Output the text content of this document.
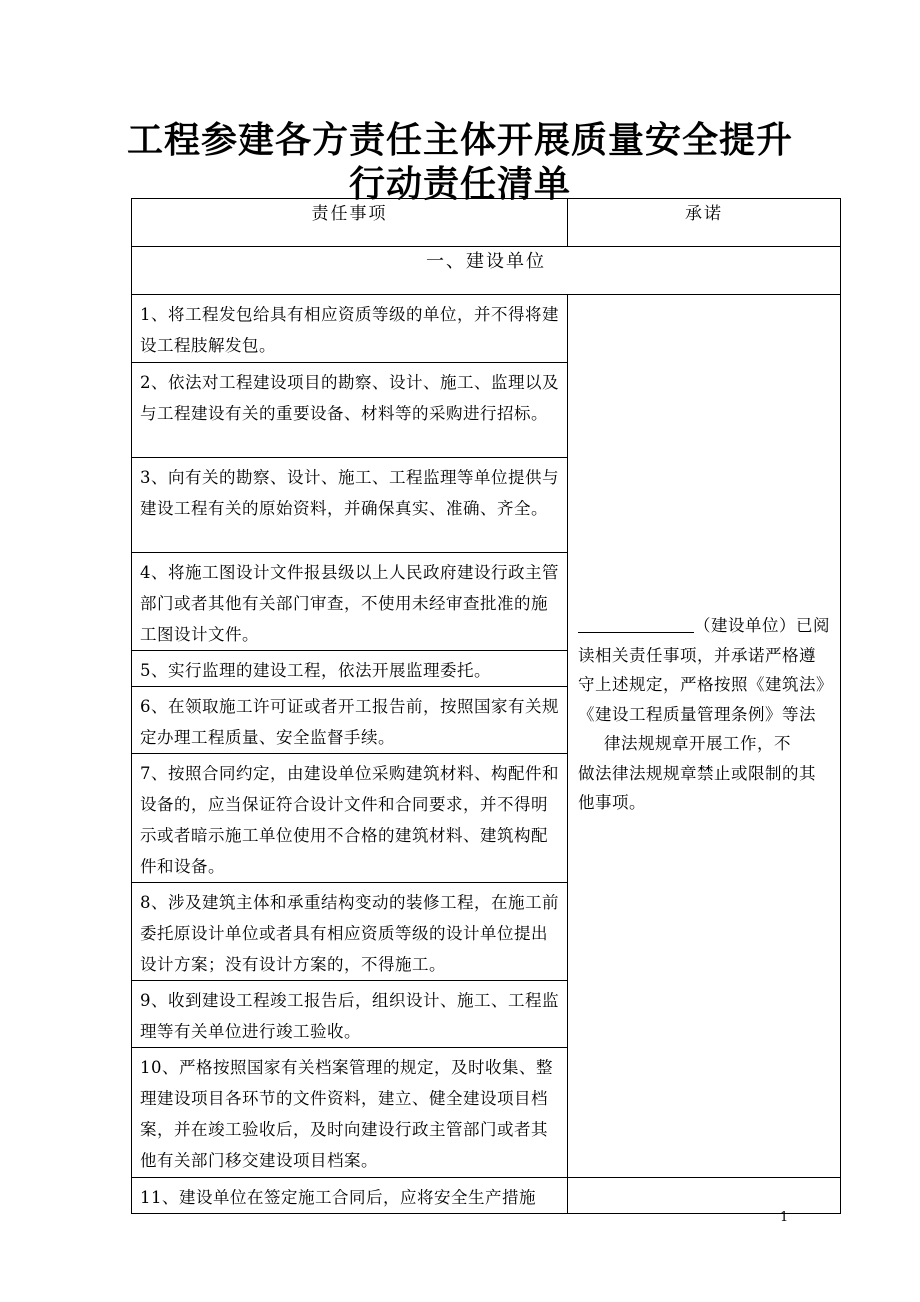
工程参建各方责任主体开展质量安全提升
行动责任清单
责任事项	承诺
一、建设单位	
1、将工程发包给具有相应资质等级的单位，并不得将建设工程肢解发包。	（建设单位）已阅读相关责任事项，并承诺严格遵守上述规定，严格按照《建筑法》《建设工程质量管理条例》等法
律法规规章开展工作，不
做法律法规规章禁止或限制的其他事项。

2、依法对工程建设项目的勘察、设计、施工、监理以及与工程建设有关的重要设备、材料等的采购进行招标。	
3、向有关的勘察、设计、施工、工程监理等单位提供与建设工程有关的原始资料，并确保真实、准确、齐全。	
4、将施工图设计文件报县级以上人民政府建设行政主管部门或者其他有关部门审查，不使用未经审查批准的施工图设计文件。	
5、实行监理的建设工程，依法开展监理委托。	
6、在领取施工许可证或者开工报告前，按照国家有关规定办理工程质量、安全监督手续。	
7、按照合同约定，由建设单位采购建筑材料、构配件和设备的，应当保证符合设计文件和合同要求，并不得明示或者暗示施工单位使用不合格的建筑材料、建筑构配件和设备。	
8、涉及建筑主体和承重结构变动的装修工程，在施工前委托原设计单位或者具有相应资质等级的设计单位提出设计方案；没有设计方案的，不得施工。	
9、收到建设工程竣工报告后，组织设计、施工、工程监理等有关单位进行竣工验收。	
10、严格按照国家有关档案管理的规定，及时收集、整理建设项目各环节的文件资料，建立、健全建设项目档案，并在竣工验收后，及时向建设行政主管部门或者其他有关部门移交建设项目档案。	
11、建设单位在签定施工合同后，应将安全生产措施	
1
